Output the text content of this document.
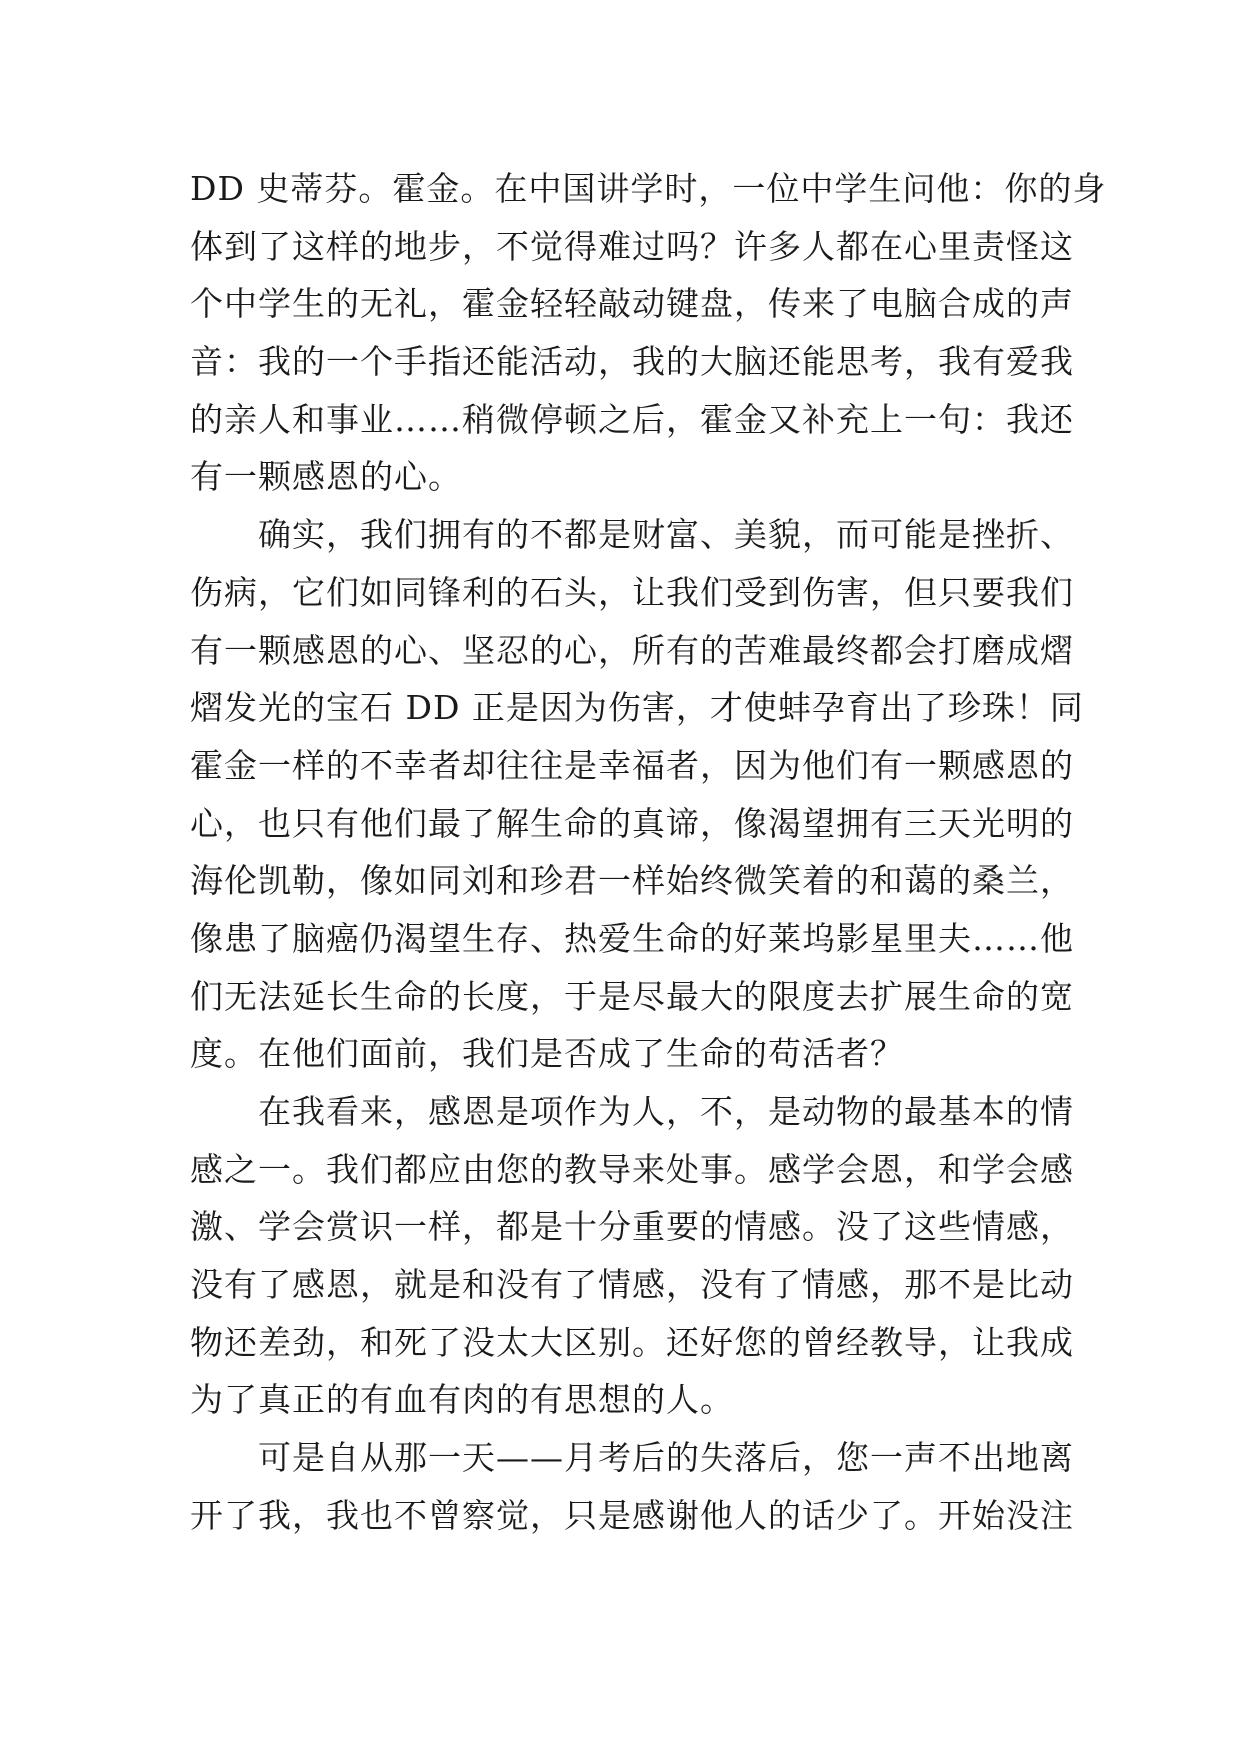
DD 史蒂芬。霍金。在中国讲学时，一位中学生问他：你的身
体到了这样的地步，不觉得难过吗？许多人都在心里责怪这
个中学生的无礼，霍金轻轻敲动键盘，传来了电脑合成的声
音：我的一个手指还能活动，我的大脑还能思考，我有爱我
的亲人和事业……稍微停顿之后，霍金又补充上一句：我还
有一颗感恩的心。
　　确实，我们拥有的不都是财富、美貌，而可能是挫折、
伤病，它们如同锋利的石头，让我们受到伤害，但只要我们
有一颗感恩的心、坚忍的心，所有的苦难最终都会打磨成熠
熠发光的宝石 DD 正是因为伤害，才使蚌孕育出了珍珠！同
霍金一样的不幸者却往往是幸福者，因为他们有一颗感恩的
心，也只有他们最了解生命的真谛，像渴望拥有三天光明的
海伦凯勒，像如同刘和珍君一样始终微笑着的和蔼的桑兰，
像患了脑癌仍渴望生存、热爱生命的好莱坞影星里夫……他
们无法延长生命的长度，于是尽最大的限度去扩展生命的宽
度。在他们面前，我们是否成了生命的苟活者？
　　在我看来，感恩是项作为人，不，是动物的最基本的情
感之一。我们都应由您的教导来处事。感学会恩，和学会感
激、学会赏识一样，都是十分重要的情感。没了这些情感，
没有了感恩，就是和没有了情感，没有了情感，那不是比动
物还差劲，和死了没太大区别。还好您的曾经教导，让我成
为了真正的有血有肉的有思想的人。
　　可是自从那一天——月考后的失落后，您一声不出地离
开了我，我也不曾察觉，只是感谢他人的话少了。开始没注
